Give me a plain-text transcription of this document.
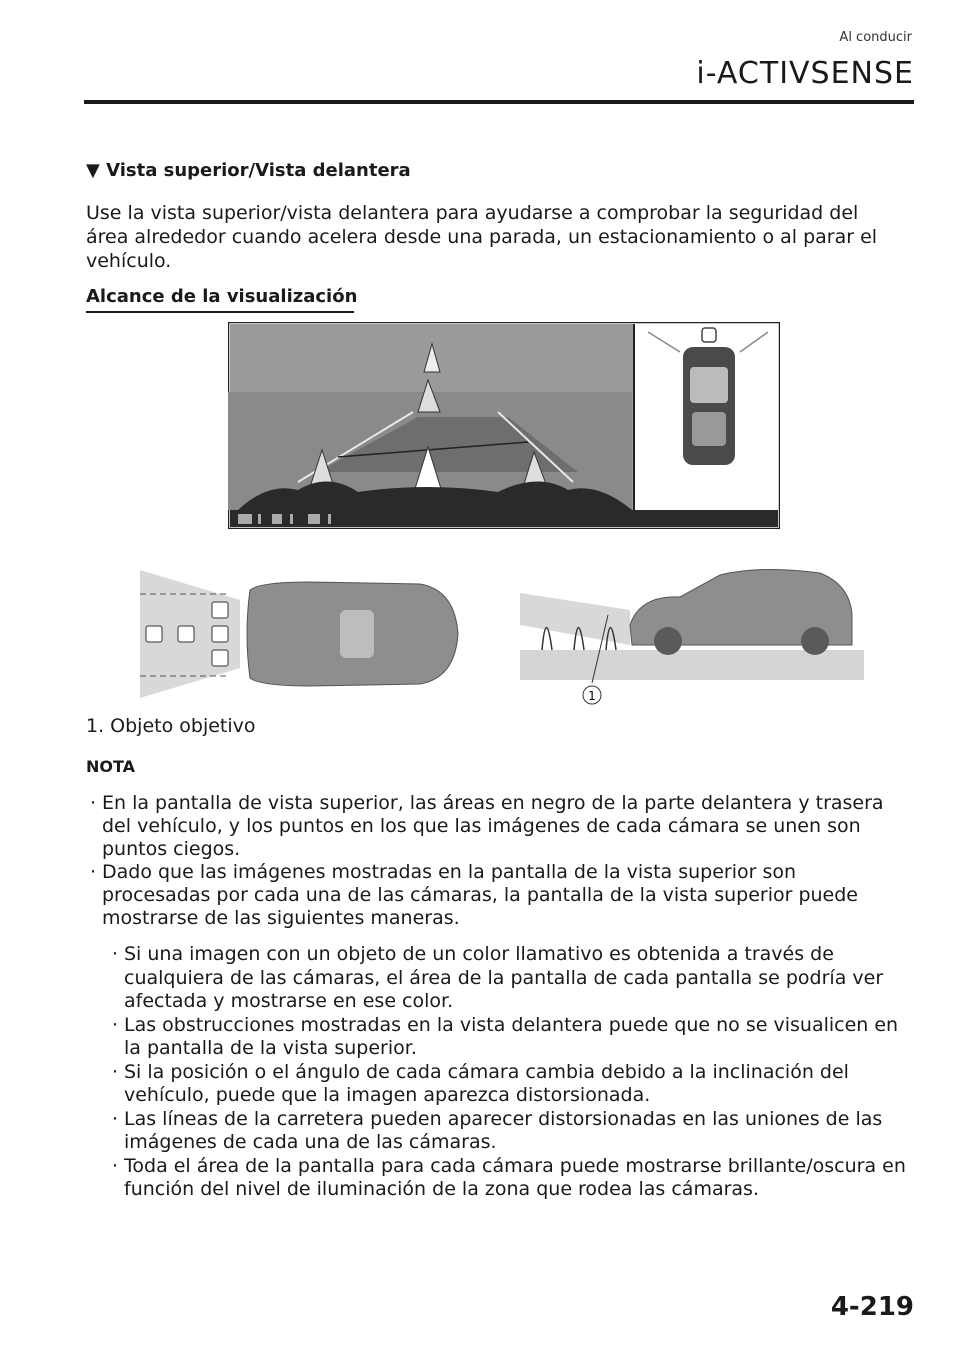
Al conducir
i-ACTIVSENSE
▼ Vista superior/Vista delantera

Use la vista superior/vista delantera para ayudarse a comprobar la seguridad del área alrededor cuando acelera desde una parada, un estacionamiento o al parar el vehículo.

Alcance de la visualización
1
1. Objeto objetivo
NOTA
· En la pantalla de vista superior, las áreas en negro de la parte delantera y trasera del vehículo, y los puntos en los que las imágenes de cada cámara se unen son puntos ciegos.
· Dado que las imágenes mostradas en la pantalla de la vista superior son procesadas por cada una de las cámaras, la pantalla de la vista superior puede mostrarse de las siguientes maneras.
· Si una imagen con un objeto de un color llamativo es obtenida a través de cualquiera de las cámaras, el área de la pantalla de cada pantalla se podría ver afectada y mostrarse en ese color.
· Las obstrucciones mostradas en la vista delantera puede que no se visualicen en la pantalla de la vista superior.
· Si la posición o el ángulo de cada cámara cambia debido a la inclinación del vehículo, puede que la imagen aparezca distorsionada.
· Las líneas de la carretera pueden aparecer distorsionadas en las uniones de las imágenes de cada una de las cámaras.
· Toda el área de la pantalla para cada cámara puede mostrarse brillante/oscura en función del nivel de iluminación de la zona que rodea las cámaras.
4-219
